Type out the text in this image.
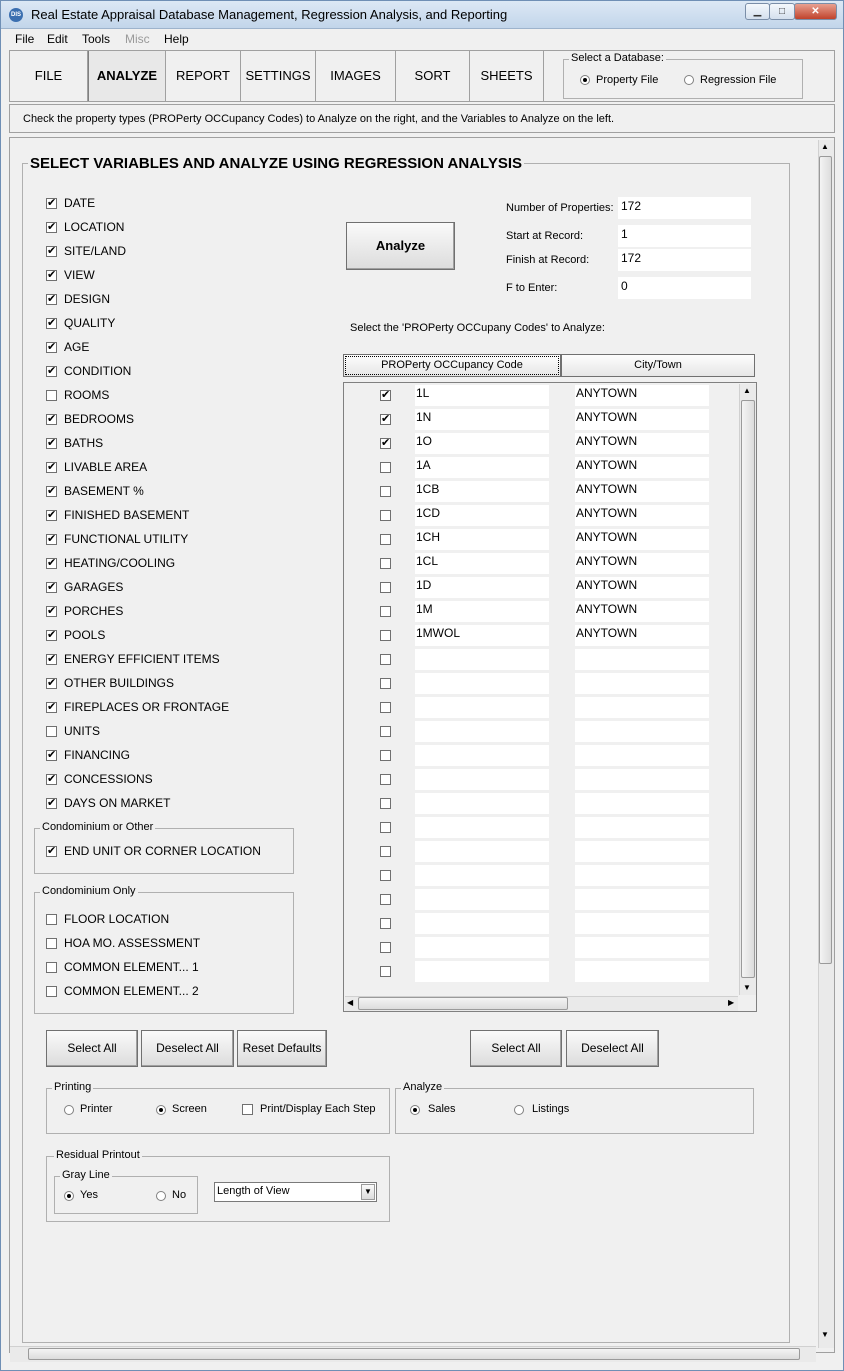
DIS Real Estate Appraisal Database Management, Regression Analysis, and Reporting	▁	□	✕
File Edit Tools Misc Help
FILE	ANALYZE	REPORT	SETTINGS	IMAGES	SORT	SHEETS
Select a Database:
Check the property types (PROPerty OCCupancy Codes) to Analyze on the right, and the Variables to Analyze on the left.
Property File	Regression File
SELECT VARIABLES AND ANALYZE USING REGRESSION ANALYSIS
▲
▼
✔
DATE
✔
LOCATION
✔
SITE/LAND
✔
VIEW
✔
DESIGN
✔
QUALITY
✔
AGE
✔
CONDITION
ROOMS
✔
BEDROOMS
✔
BATHS
✔
LIVABLE AREA
✔
BASEMENT %
✔
FINISHED BASEMENT
✔
FUNCTIONAL UTILITY
✔
HEATING/COOLING
✔
GARAGES
✔
PORCHES
✔
POOLS
✔
ENERGY EFFICIENT ITEMS
✔
OTHER BUILDINGS
✔
FIREPLACES OR FRONTAGE
UNITS
✔
FINANCING
✔
CONCESSIONS
✔
DAYS ON MARKET
Condominium or Other
✔
END UNIT OR CORNER LOCATION
Condominium Only
FLOOR LOCATION
HOA MO. ASSESSMENT
COMMON ELEMENT... 1
COMMON ELEMENT... 2
Analyze
Number of Properties: 172
Start at Record:	1
Finish at Record:	172
F to Enter:	0
Select the 'PROPerty OCCupany Codes' to Analyze:
PROPerty OCCupancy Code	City/Town
✔
1L	ANYTOWN
✔
1N	ANYTOWN
✔
1O	ANYTOWN
1A	ANYTOWN
1CB	ANYTOWN
1CD	ANYTOWN
1CH	ANYTOWN
1CL	ANYTOWN
1D	ANYTOWN
1M	ANYTOWN
1MWOL	ANYTOWN
▲
▼
◀	▶
Select All	Deselect All	Reset Defaults	Select All	Deselect All
Printing
Printer	Screen	Print/Display Each Step
Analyze
Sales	Listings
Residual Printout
Gray Line
Yes	No	Length of View	▼
